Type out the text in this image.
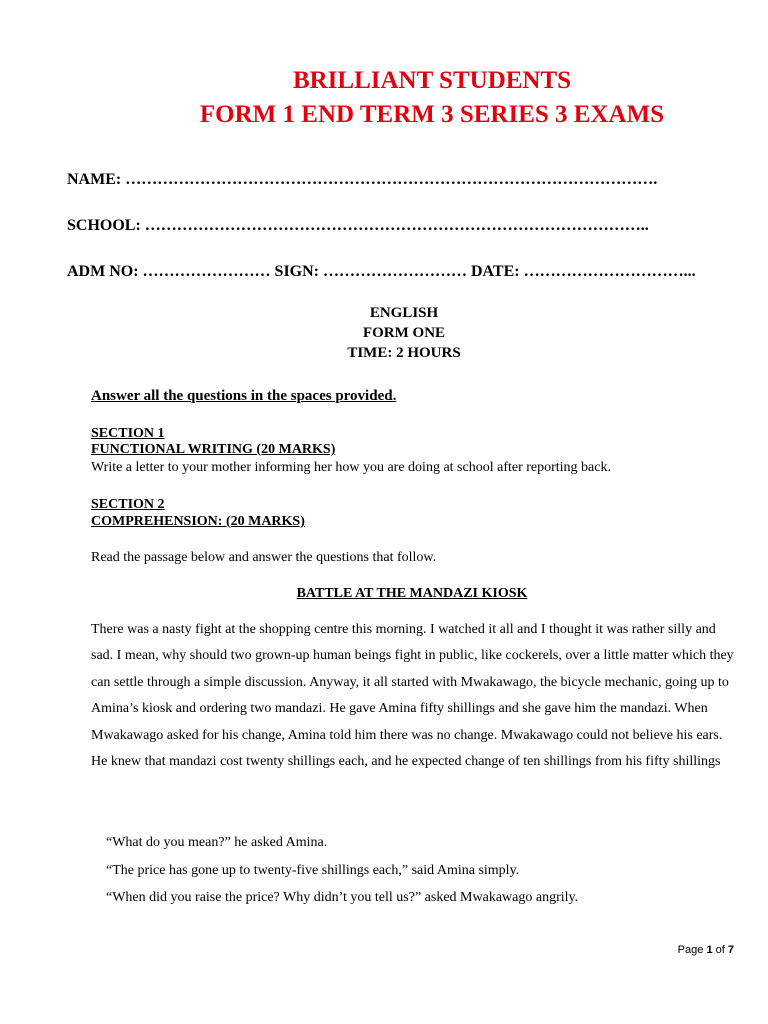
BRILLIANT STUDENTS
FORM 1 END TERM 3 SERIES 3 EXAMS
NAME: ……………………………………………………………………………………….
SCHOOL: …………………………………………………………………………………..
ADM NO: …………………… SIGN: ……………………… DATE: …………………………...
ENGLISH
FORM ONE
TIME: 2 HOURS
Answer all the questions in the spaces provided.
SECTION 1
FUNCTIONAL WRITING (20 MARKS)
Write a letter to your mother informing her how you are doing at school after reporting back.
SECTION 2
COMPREHENSION: (20 MARKS)
Read the passage below and answer the questions that follow.
BATTLE AT THE MANDAZI KIOSK

There was a nasty fight at the shopping centre this morning. I watched it all and I thought it was rather silly and sad. I mean, why should two grown-up human beings fight in public, like cockerels, over a little matter which they can settle through a simple discussion. Anyway, it all started with Mwakawago, the bicycle mechanic, going up to Amina’s kiosk and ordering two mandazi. He gave Amina fifty shillings and she gave him the mandazi. When Mwakawago asked for his change, Amina told him there was no change. Mwakawago could not believe his ears. He knew that mandazi cost twenty shillings each, and he expected change of ten shillings from his fifty shillings

“What do you mean?” he asked Amina.
“The price has gone up to twenty-five shillings each,” said Amina simply.
“When did you raise the price? Why didn’t you tell us?” asked Mwakawago angrily.
Page 1 of 7
